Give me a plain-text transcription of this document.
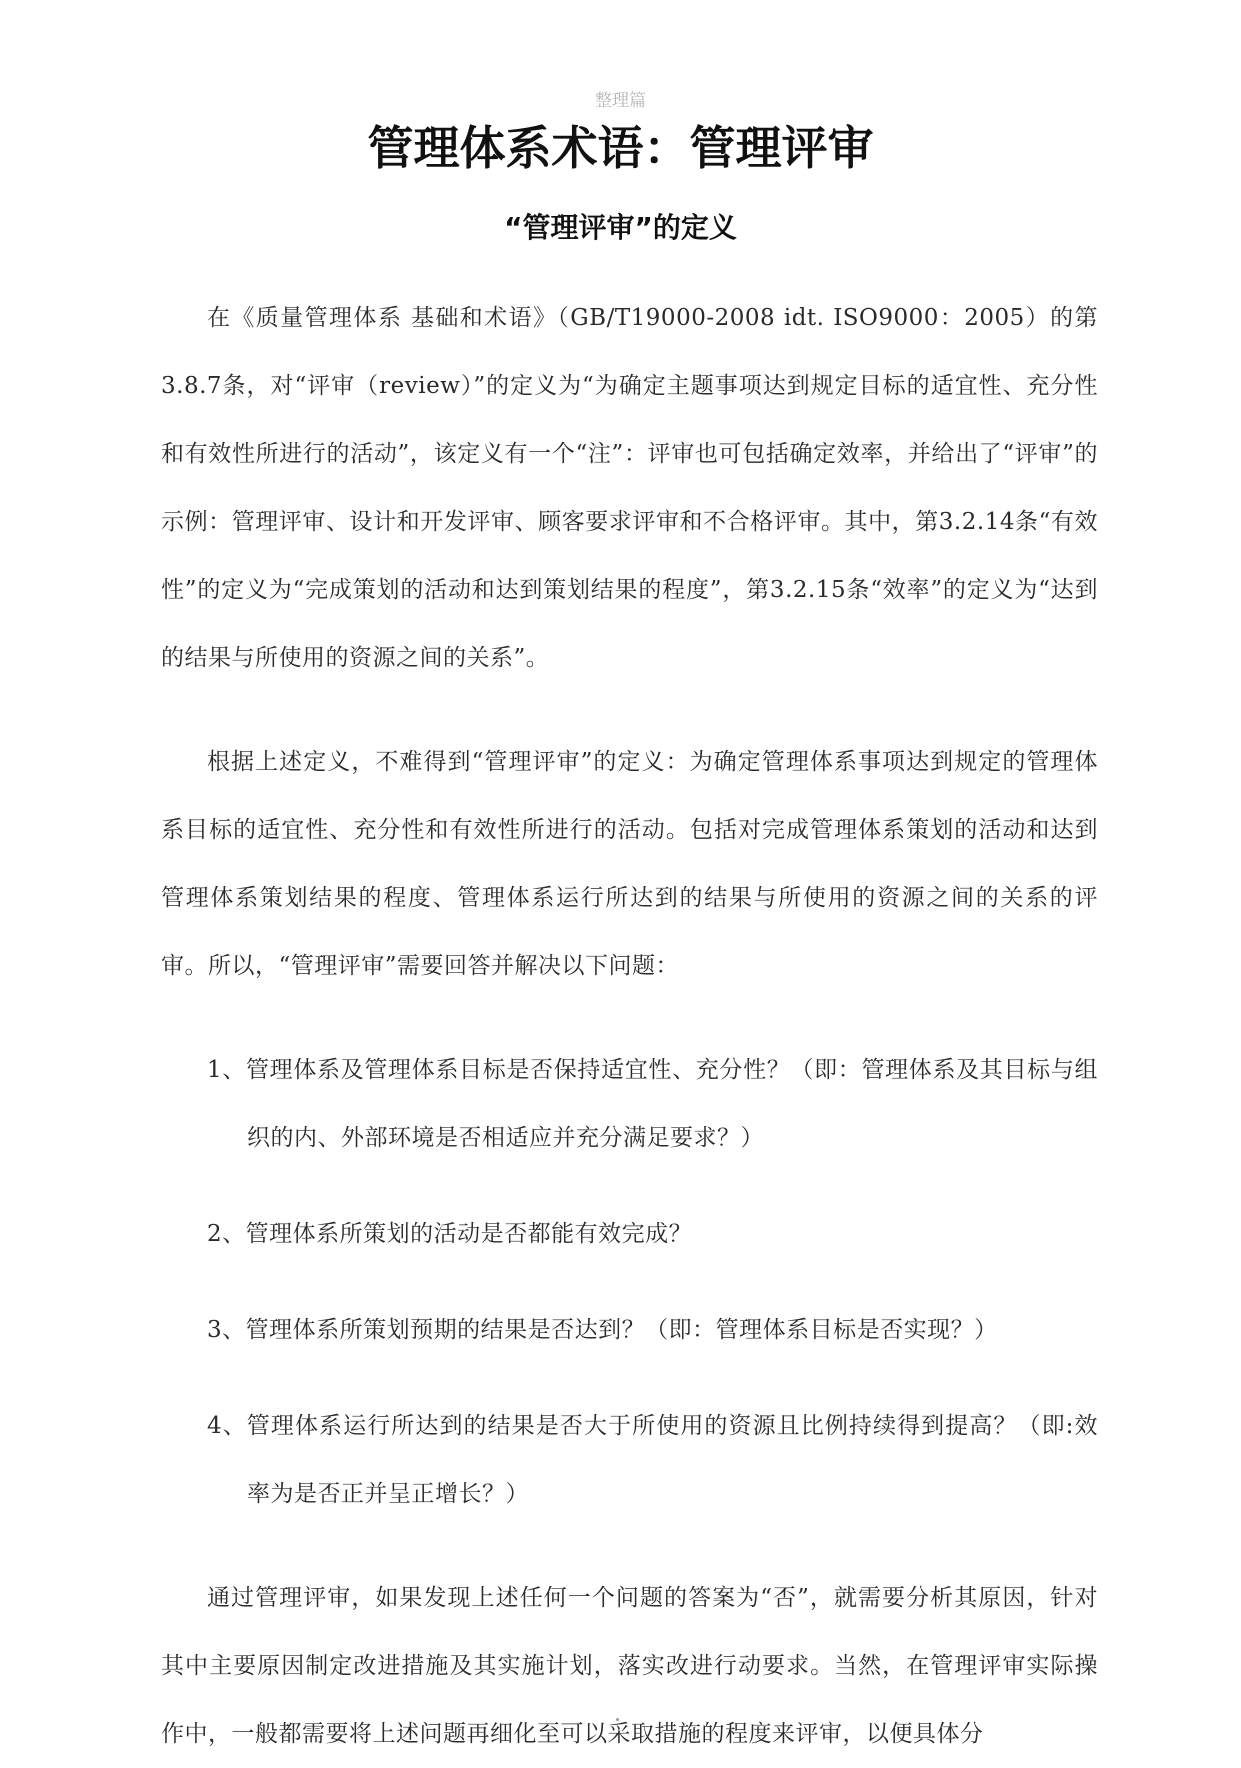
整理篇
管理体系术语：管理评审
“管理评审”的定义

在《质量管理体系 基础和术语》（GB/T19000-2008 idt. ISO9000：2005）的第3.8.7条，对“评审（review）”的定义为“为确定主题事项达到规定目标的适宜性、充分性和有效性所进行的活动”，该定义有一个“注”：评审也可包括确定效率，并给出了“评审”的示例：管理评审、设计和开发评审、顾客要求评审和不合格评审。其中，第3.2.14条“有效性”的定义为“完成策划的活动和达到策划结果的程度”，第3.2.15条“效率”的定义为“达到的结果与所使用的资源之间的关系”。

根据上述定义，不难得到“管理评审”的定义：为确定管理体系事项达到规定的管理体系目标的适宜性、充分性和有效性所进行的活动。包括对完成管理体系策划的活动和达到管理体系策划结果的程度、管理体系运行所达到的结果与所使用的资源之间的关系的评审。所以，“管理评审”需要回答并解决以下问题：

1、管理体系及管理体系目标是否保持适宜性、充分性？（即：管理体系及其目标与组织的内、外部环境是否相适应并充分满足要求？）

2、管理体系所策划的活动是否都能有效完成？

3、管理体系所策划预期的结果是否达到？（即：管理体系目标是否实现？）

4、管理体系运行所达到的结果是否大于所使用的资源且比例持续得到提高？（即:效率为是否正并呈正增长？）

通过管理评审，如果发现上述任何一个问题的答案为“否”，就需要分析其原因，针对其中主要原因制定改进措施及其实施计划，落实改进行动要求。当然，在管理评审实际操作中，一般都需要将上述问题再细化至可以采取措施的程度来评审，以便具体分
